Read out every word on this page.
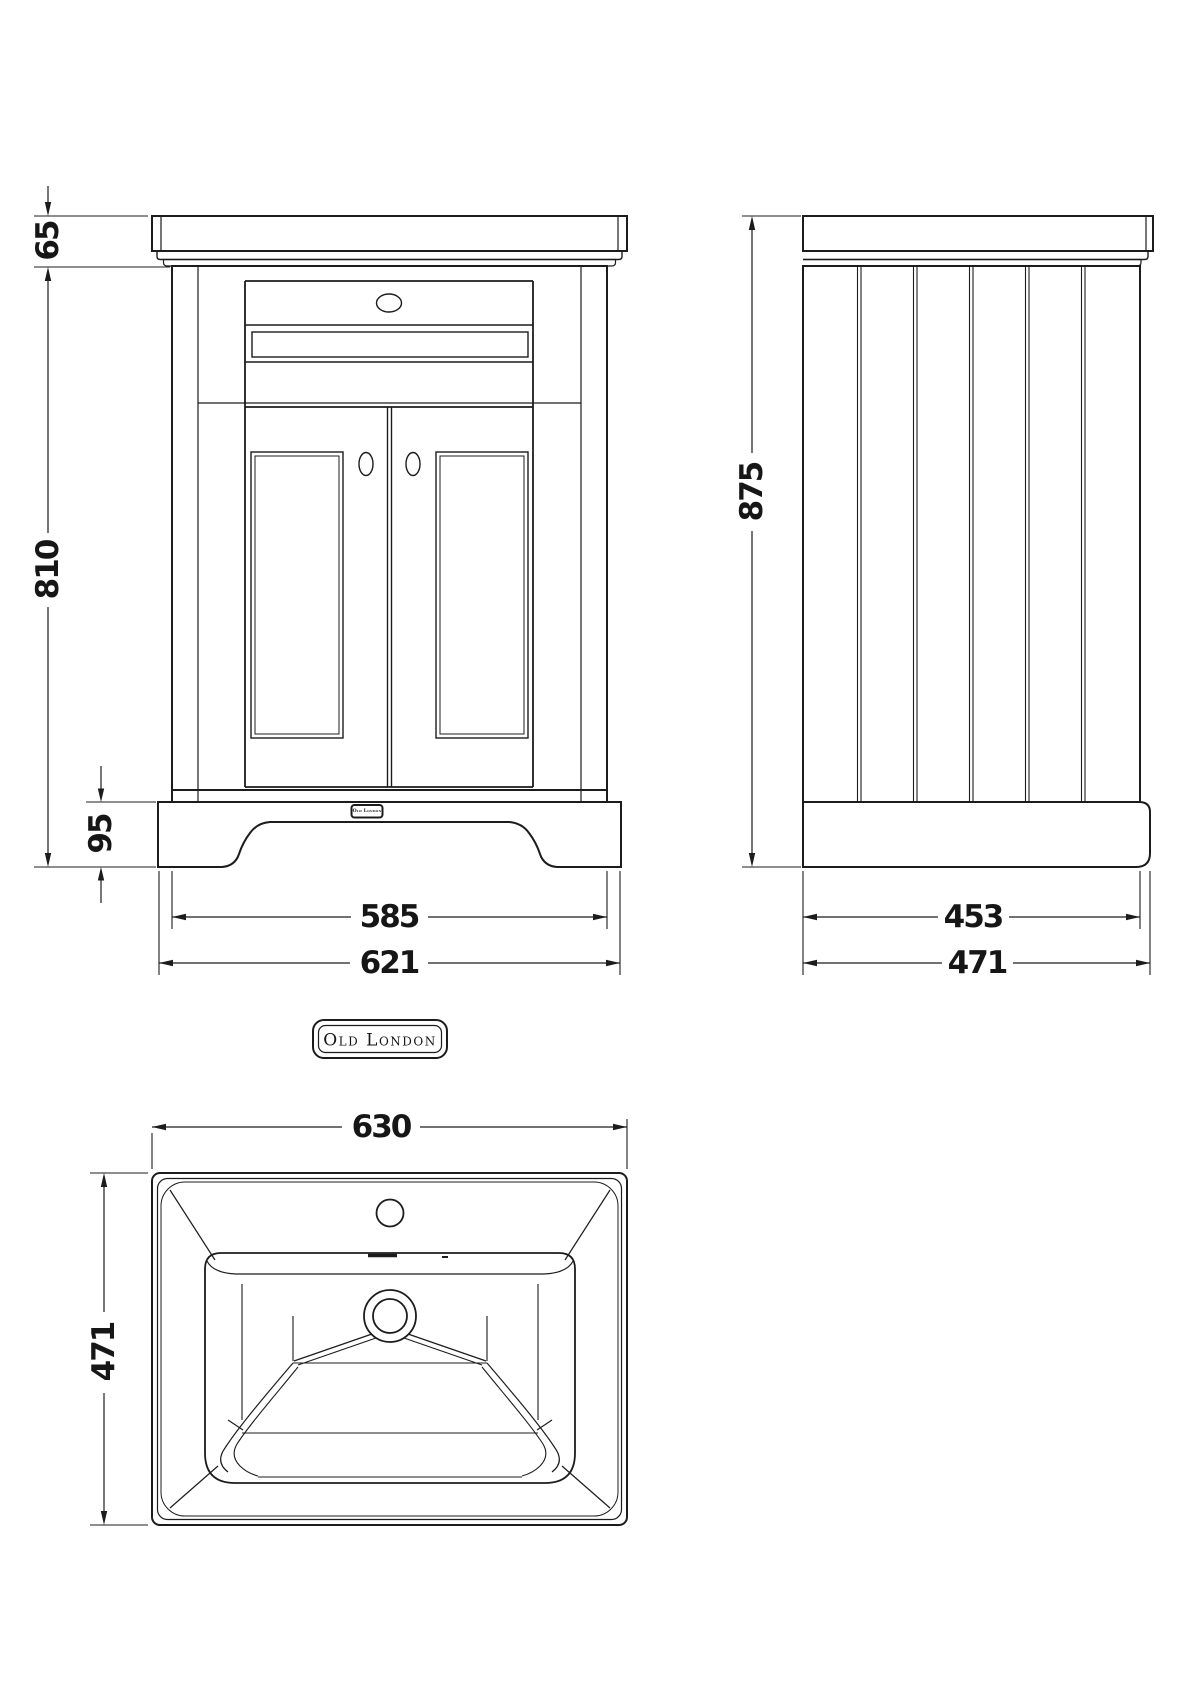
Old London
Old London
65
810
95
585
621
875
453
471
630
471
